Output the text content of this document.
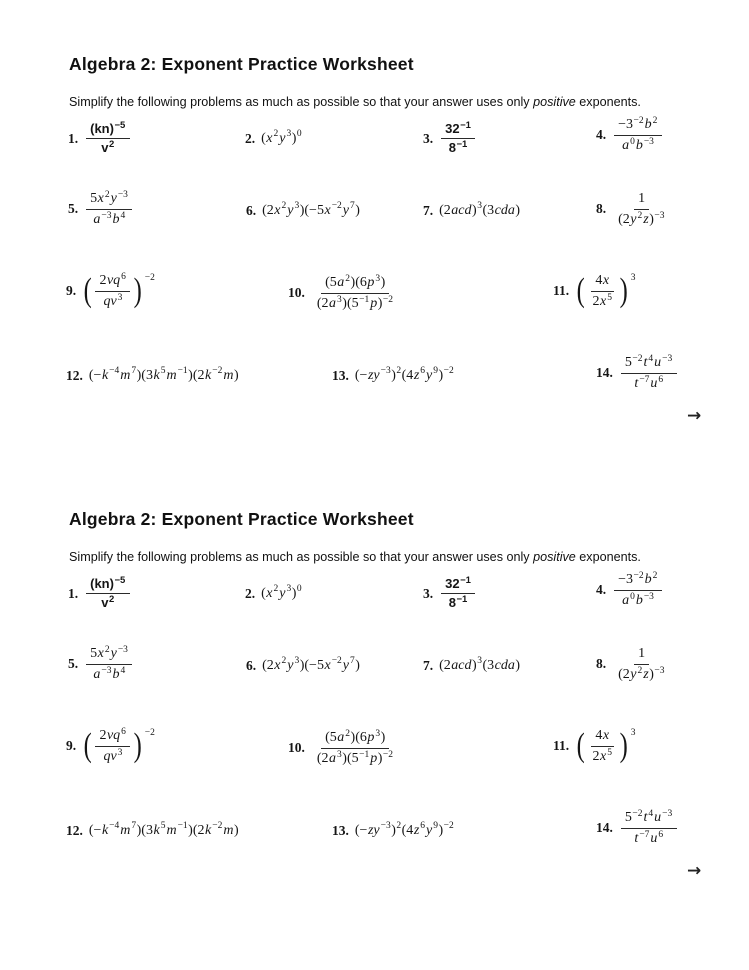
Algebra 2: Exponent Practice Worksheet

Simplify the following problems as much as possible so that your answer uses only positive exponents.

1. $\frac{(kn)^{-5}}{v^2}$	2. ( x 2 y 3 ) 0	3. $\frac{32^{-1}}{8^{-1}}$	4. $\frac{-3^{-2}b^2}{a^0b^{-3}}$
5. $\frac{5x^2y^{-3}}{a^{-3}b^4}$	6. (2 x 2 y 3 )(−5 x −2 y 7 )	7. (2 acd ) 3 (3 cda )	8. $\frac{1}{(2y^2z)^{-3}}$
9. ( $\frac{2vq^6}{qv^3}$ ) −2
10. $\frac{(5a^2)(6p^3)}{(2a^3)(5^{-1}p)^{-2}}$	11. ( $\frac{4x}{2x^5}$ ) 3
12. (− k −4 m 7 )(3 k 5 m −1 )(2 k −2 m )	13. (− zy −3 ) 2 (4 z 6 y 9 ) −2	14. $\frac{5^{-2}t^4u^{-3}}{t^{-7}u^6}$
→
Algebra 2: Exponent Practice Worksheet

Simplify the following problems as much as possible so that your answer uses only positive exponents.

1. $\frac{(kn)^{-5}}{v^2}$	2. ( x 2 y 3 ) 0	3. $\frac{32^{-1}}{8^{-1}}$	4. $\frac{-3^{-2}b^2}{a^0b^{-3}}$
5. $\frac{5x^2y^{-3}}{a^{-3}b^4}$	6. (2 x 2 y 3 )(−5 x −2 y 7 )	7. (2 acd ) 3 (3 cda )	8. $\frac{1}{(2y^2z)^{-3}}$
9. ( $\frac{2vq^6}{qv^3}$ ) −2
10. $\frac{(5a^2)(6p^3)}{(2a^3)(5^{-1}p)^{-2}}$	11. ( $\frac{4x}{2x^5}$ ) 3
12. (− k −4 m 7 )(3 k 5 m −1 )(2 k −2 m )	13. (− zy −3 ) 2 (4 z 6 y 9 ) −2	14. $\frac{5^{-2}t^4u^{-3}}{t^{-7}u^6}$
→
